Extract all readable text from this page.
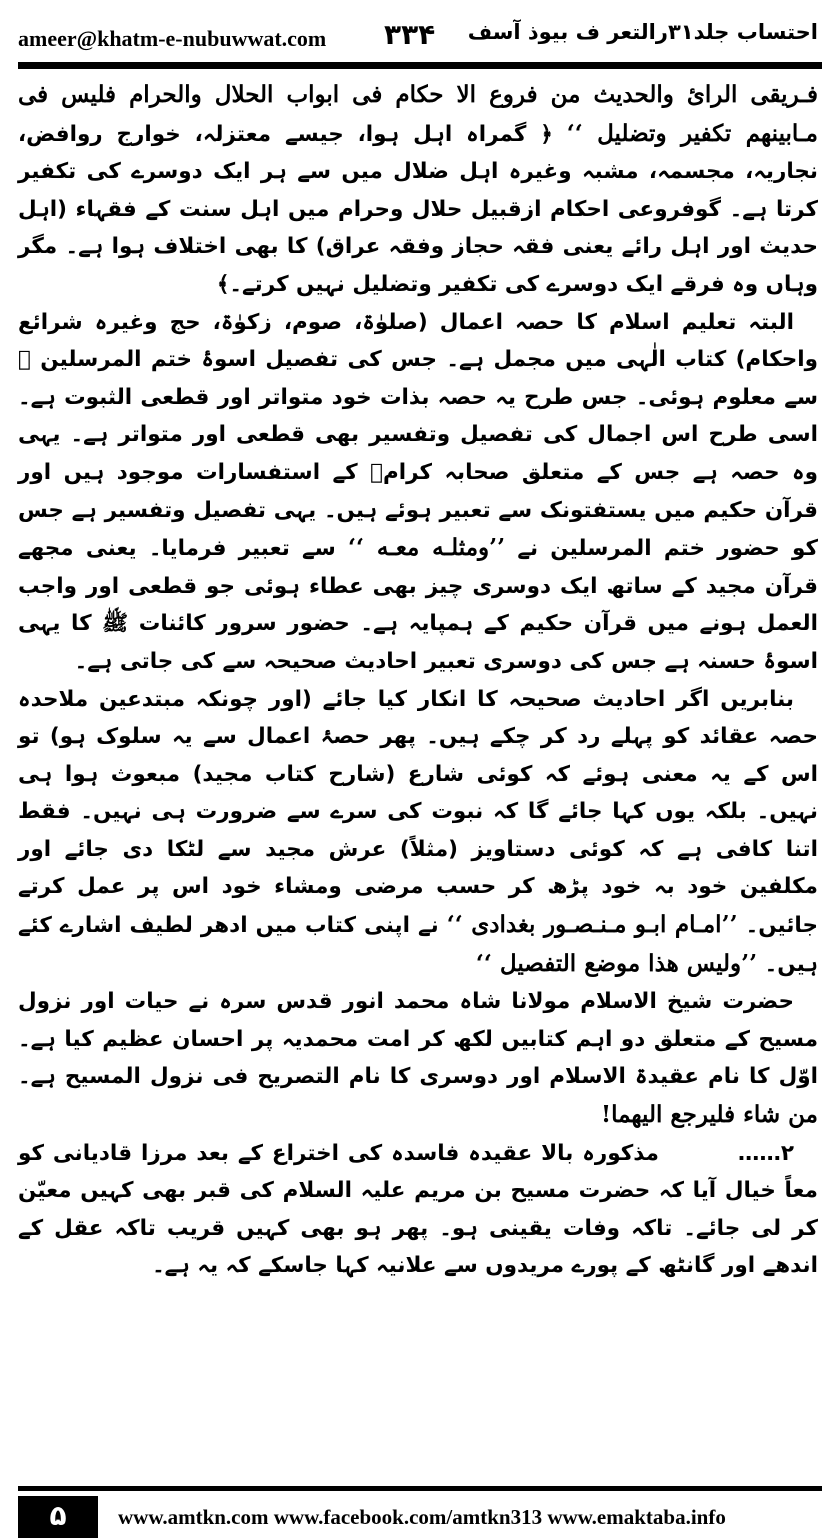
ameer@khatm-e-nubuwwat.com ۳۳۴ احتساب جلد۳۱رالتعر ف بیوذ آسف

فـریقی الرائ والحدیث من فروع الا حکام فی ابواب الحلال والحرام فلیس فی مـابینهم تکفیر وتضلیل ‘‘ ﴿ گمراہ اہل ہوا، جیسے معتزلہ، خوارج روافض، نجاریہ، مجسمہ، مشبہ وغیرہ اہل ضلال میں سے ہر ایک دوسرے کی تکفیر کرتا ہے۔ گوفروعی احکام ازقبیل حلال وحرام میں اہل سنت کے فقہاء (اہل حدیث اور اہل رائے یعنی فقہ حجاز وفقہ عراق) کا بھی اختلاف ہوا ہے۔ مگر وہاں وہ فرقے ایک دوسرے کی تکفیر وتضلیل نہیں کرتے۔﴾

البتہ تعلیم اسلام کا حصہ اعمال (صلوٰۃ، صوم، زکوٰۃ، حج وغیرہ شرائع واحکام) کتاب الٰہی میں مجمل ہے۔ جس کی تفصیل اسوۂ ختم المرسلین ﷺ سے معلوم ہوئی۔ جس طرح یہ حصہ بذات خود متواتر اور قطعی الثبوت ہے۔ اسی طرح اس اجمال کی تفصیل وتفسیر بھی قطعی اور متواتر ہے۔ یہی وہ حصہ ہے جس کے متعلق صحابہ کرامؓ کے استفسارات موجود ہیں اور قرآن حکیم میں یستفتونک سے تعبیر ہوئے ہیں۔ یہی تفصیل وتفسیر ہے جس کو حضور ختم المرسلین نے ’’ومثلـه معـه ‘‘ سے تعبیر فرمایا۔ یعنی مجھے قرآن مجید کے ساتھ ایک دوسری چیز بھی عطاء ہوئی جو قطعی اور واجب العمل ہونے میں قرآن حکیم کے ہمپایہ ہے۔ حضور سرور کائنات ﷺ کا یہی اسوۂ حسنہ ہے جس کی دوسری تعبیر احادیث صحیحہ سے کی جاتی ہے۔

بنابریں اگر احادیث صحیحہ کا انکار کیا جائے (اور چونکہ مبتدعین ملاحدہ حصہ عقائد کو پہلے رد کر چکے ہیں۔ پھر حصۂ اعمال سے یہ سلوک ہو) تو اس کے یہ معنی ہوئے کہ کوئی شارع (شارح کتاب مجید) مبعوث ہوا ہی نہیں۔ بلکہ یوں کہا جائے گا کہ نبوت کی سرے سے ضرورت ہی نہیں۔ فقط اتنا کافی ہے کہ کوئی دستاویز (مثلاً) عرش مجید سے لٹکا دی جائے اور مکلفین خود بہ خود پڑھ کر حسب مرضی ومشاء خود اس پر عمل کرتے جائیں۔ ’’امـام ابـو مـنـصـور بغدادی ‘‘ نے اپنی کتاب میں ادھر لطیف اشارے کئے ہیں۔ ’’ولیس هذا موضع التفصیل ‘‘

حضرت شیخ الاسلام مولانا شاہ محمد انور قدس سرہ نے حیات اور نزول مسیح کے متعلق دو اہم کتابیں لکھ کر امت محمدیہ پر احسان عظیم کیا ہے۔ اوّل کا نام عقیدۃ الاسلام اور دوسری کا نام التصریح فی نزول المسیح ہے۔ من شاء فلیرجع الیهما!

۲…… مذکورہ بالا عقیدہ فاسدہ کی اختراع کے بعد مرزا قادیانی کو معاً خیال آیا کہ حضرت مسیح بن مریم علیہ السلام کی قبر بھی کہیں معیّن کر لی جائے۔ تاکہ وفات یقینی ہو۔ پھر ہو بھی کہیں قریب تاکہ عقل کے اندھے اور گانٹھ کے پورے مریدوں سے علانیہ کہا جاسکے کہ یہ ہے۔

۵	www.amtkn.com www.facebook.com/amtkn313 www.emaktaba.info
